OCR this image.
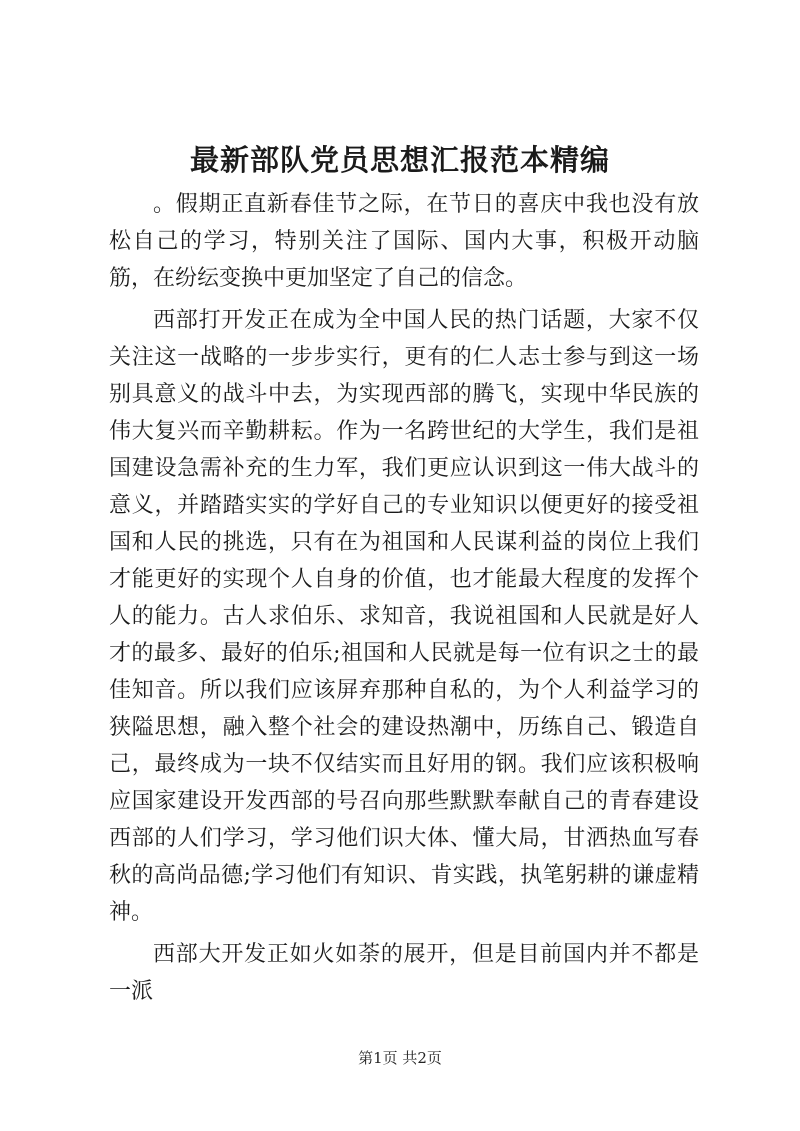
最新部队党员思想汇报范本精编

。假期正直新春佳节之际，在节日的喜庆中我也没有放松自己的学习，特别关注了国际、国内大事，积极开动脑筋，在纷纭变换中更加坚定了自己的信念。

西部打开发正在成为全中国人民的热门话题，大家不仅关注这一战略的一步步实行，更有的仁人志士参与到这一场别具意义的战斗中去，为实现西部的腾飞，实现中华民族的伟大复兴而辛勤耕耘。作为一名跨世纪的大学生，我们是祖国建设急需补充的生力军，我们更应认识到这一伟大战斗的意义，并踏踏实实的学好自己的专业知识以便更好的接受祖国和人民的挑选，只有在为祖国和人民谋利益的岗位上我们才能更好的实现个人自身的价值，也才能最大程度的发挥个人的能力。古人求伯乐、求知音，我说祖国和人民就是好人才的最多、最好的伯乐;祖国和人民就是每一位有识之士的最佳知音。所以我们应该屏弃那种自私的，为个人利益学习的狭隘思想，融入整个社会的建设热潮中，历练自己、锻造自己，最终成为一块不仅结实而且好用的钢。我们应该积极响应国家建设开发西部的号召向那些默默奉献自己的青春建设西部的人们学习，学习他们识大体、懂大局，甘洒热血写春秋的高尚品德;学习他们有知识、肯实践，执笔躬耕的谦虚精神。

西部大开发正如火如荼的展开，但是目前国内并不都是一派

第1页 共2页
